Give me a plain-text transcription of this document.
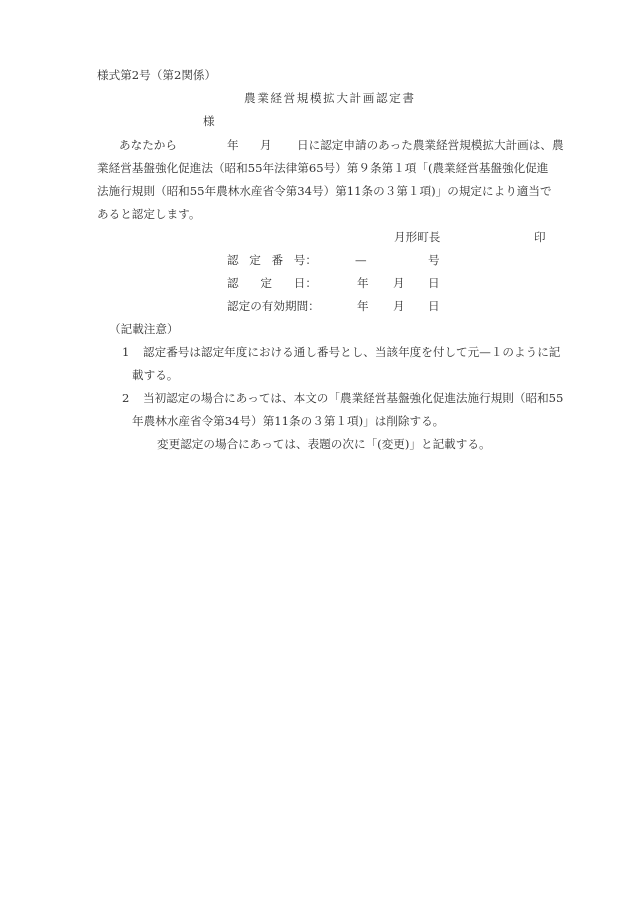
様式第2号（第2関係）
農業経営規模拡大計画認定書
様
あなたから	年 月 日に認定申請のあった農業経営規模拡大計画は、農
業経営基盤強化促進法（昭和55年法律第65号）第９条第１項「(農業経営基盤強化促進
法施行規則（昭和55年農林水産省令第34号）第11条の３第１項)」の規定により適当で
あると認定します。
月形町長	印
認 定 番 号：	—	号
認 定 日：	年 月 日
認定の有効期間：	年 月 日
（記載注意）
1 認定番号は認定年度における通し番号とし、当該年度を付して元—１のように記
載する。
2 当初認定の場合にあっては、本文の「農業経営基盤強化促進法施行規則（昭和55
年農林水産省令第34号）第11条の３第１項)」は削除する。
変更認定の場合にあっては、表題の次に「(変更)」と記載する。
